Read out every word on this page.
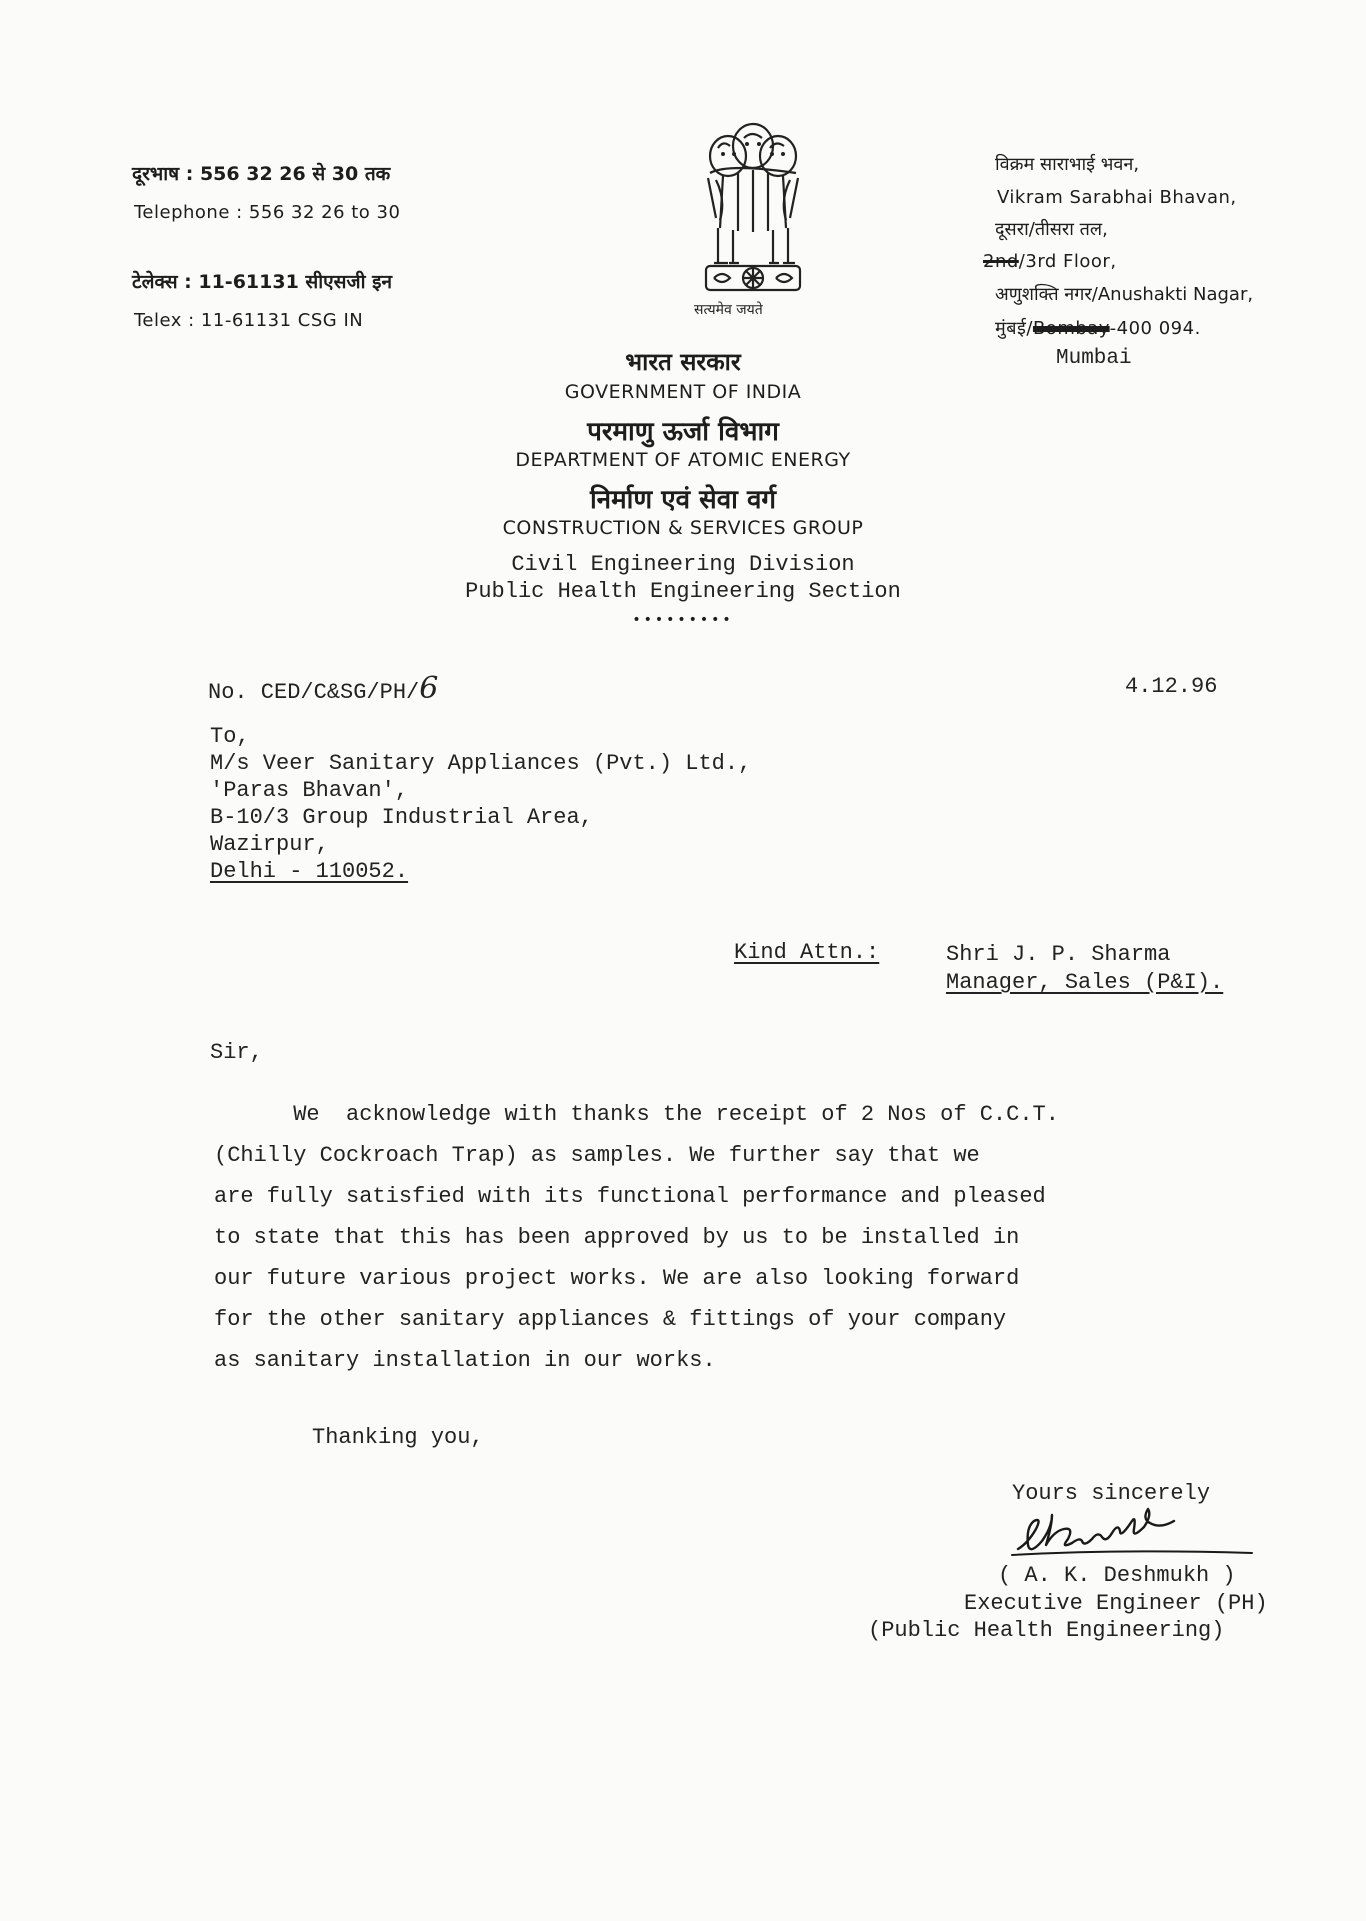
दूरभाष : 556 32 26 से 30 तक
Telephone : 556 32 26 to 30
टेलेक्स : 11-61131 सीएसजी इन
Telex : 11-61131 CSG IN	सत्यमेव जयते
विक्रम साराभाई भवन,
Vikram Sarabhai Bhavan,
दूसरा/तीसरा तल,
2nd/3rd Floor,
अणुशक्ति नगर/Anushakti Nagar,
मुंबई/Bombay-400 094.
Mumbai
भारत सरकार
GOVERNMENT OF INDIA
परमाणु ऊर्जा विभाग
DEPARTMENT OF ATOMIC ENERGY
निर्माण एवं सेवा वर्ग
CONSTRUCTION & SERVICES GROUP
Civil Engineering Division
Public Health Engineering Section
•••••••••
No. CED/C&SG/PH/6	4.12.96
To,
M/s Veer Sanitary Appliances (Pvt.) Ltd.,
'Paras Bhavan',
B-10/3 Group Industrial Area,
Wazirpur,
Delhi - 110052.
Kind Attn.:	Shri J. P. Sharma
Manager, Sales (P&I).
Sir,
We  acknowledge with thanks the receipt of 2 Nos of C.C.T.
(Chilly Cockroach Trap) as samples. We further say that we
are fully satisfied with its functional performance and pleased
to state that this has been approved by us to be installed in
our future various project works. We are also looking forward
for the other sanitary appliances & fittings of your company
as sanitary installation in our works.
Thanking you,
Yours sincerely
( A. K. Deshmukh )
Executive Engineer (PH)
(Public Health Engineering)
